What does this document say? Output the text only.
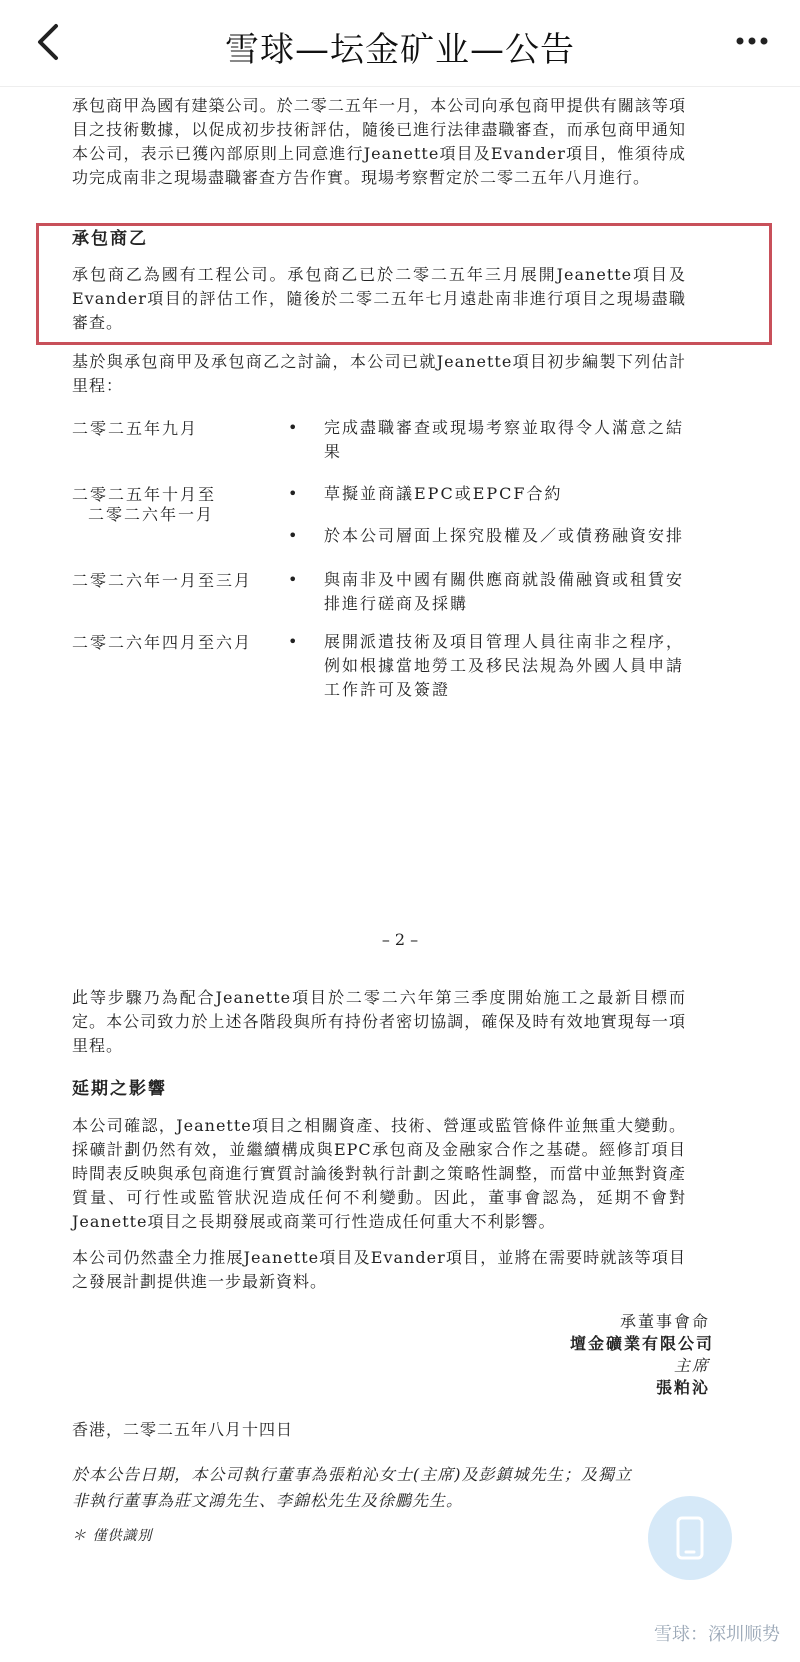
雪球—坛金矿业—公告

承包商甲為國有建築公司。於二零二五年一月，本公司向承包商甲提供有關該等項目之技術數據，以促成初步技術評估，隨後已進行法律盡職審查，而承包商甲通知本公司，表示已獲內部原則上同意進行Jeanette項目及Evander項目，惟須待成功完成南非之現場盡職審查方告作實。現場考察暫定於二零二五年八月進行。

承包商乙

承包商乙為國有工程公司。承包商乙已於二零二五年三月展開Jeanette項目及Evander項目的評估工作，隨後於二零二五年七月遠赴南非進行項目之現場盡職審查。

基於與承包商甲及承包商乙之討論，本公司已就Jeanette項目初步編製下列估計里程：

二零二五年九月	• 完成盡職審查或現場考察並取得令人滿意之結果
二零二五年十月至
二零二六年一月
• 草擬並商議EPC或EPCF合約
• 於本公司層面上探究股權及／或債務融資安排
二零二六年一月至三月 • 與南非及中國有關供應商就設備融資或租賃安排進行磋商及採購
二零二六年四月至六月 • 展開派遣技術及項目管理人員往南非之程序，例如根據當地勞工及移民法規為外國人員申請工作許可及簽證
– 2 –

此等步驟乃為配合Jeanette項目於二零二六年第三季度開始施工之最新目標而定。本公司致力於上述各階段與所有持份者密切協調，確保及時有效地實現每一項里程。

延期之影響

本公司確認，Jeanette項目之相關資產、技術、營運或監管條件並無重大變動。採礦計劃仍然有效，並繼續構成與EPC承包商及金融家合作之基礎。經修訂項目時間表反映與承包商進行實質討論後對執行計劃之策略性調整，而當中並無對資產質量、可行性或監管狀況造成任何不利變動。因此，董事會認為，延期不會對Jeanette項目之長期發展或商業可行性造成任何重大不利影響。

本公司仍然盡全力推展Jeanette項目及Evander項目，並將在需要時就該等項目之發展計劃提供進一步最新資料。

承董事會命
壇金礦業有限公司
主席
張粕沁

香港，二零二五年八月十四日

於本公告日期，本公司執行董事為張粕沁女士(主席)及彭鎮城先生；及獨立非執行董事為莊文鴻先生、李錦松先生及徐鵬先生。

＊ 僅供識別

雪球：深圳顺势
